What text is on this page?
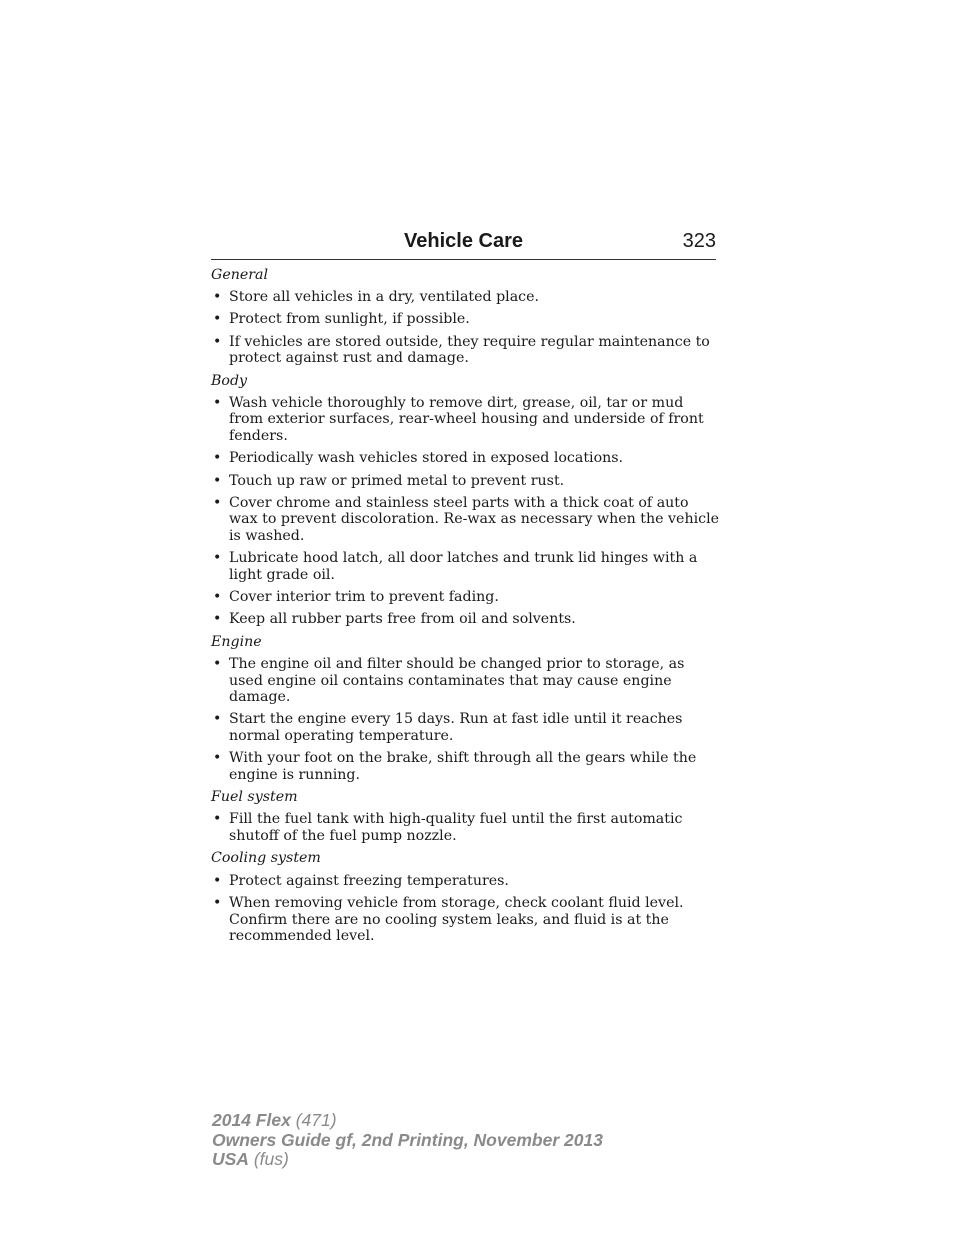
Vehicle Care	323
General
• Store all vehicles in a dry, ventilated place.
• Protect from sunlight, if possible.
• If vehicles are stored outside, they require regular maintenance to protect against rust and damage.
Body
• Wash vehicle thoroughly to remove dirt, grease, oil, tar or mud from exterior surfaces, rear-wheel housing and underside of front fenders.
• Periodically wash vehicles stored in exposed locations.
• Touch up raw or primed metal to prevent rust.
• Cover chrome and stainless steel parts with a thick coat of auto wax to prevent discoloration. Re-wax as necessary when the vehicle is washed.
• Lubricate hood latch, all door latches and trunk lid hinges with a light grade oil.
• Cover interior trim to prevent fading.
• Keep all rubber parts free from oil and solvents.
Engine
• The engine oil and filter should be changed prior to storage, as used engine oil contains contaminates that may cause engine damage.
• Start the engine every 15 days. Run at fast idle until it reaches normal operating temperature.
• With your foot on the brake, shift through all the gears while the engine is running.
Fuel system
• Fill the fuel tank with high-quality fuel until the first automatic shutoff of the fuel pump nozzle.
Cooling system
• Protect against freezing temperatures.
• When removing vehicle from storage, check coolant fluid level. Confirm there are no cooling system leaks, and fluid is at the recommended level.
2014 Flex (471)
Owners Guide gf, 2nd Printing, November 2013
USA (fus)
